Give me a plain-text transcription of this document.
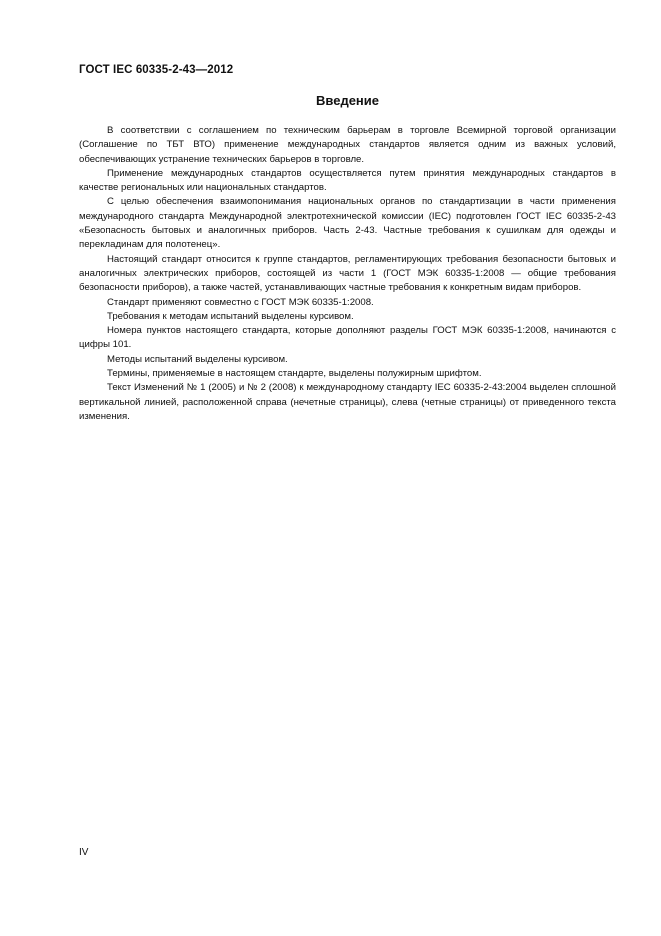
ГОСТ IEC 60335-2-43—2012
Введение

В соответствии с соглашением по техническим барьерам в торговле Всемирной торговой организации (Соглашение по ТБТ ВТО) применение международных стандартов является одним из важных условий, обеспечивающих устранение технических барьеров в торговле.

Применение международных стандартов осуществляется путем принятия международных стандартов в качестве региональных или национальных стандартов.

С целью обеспечения взаимопонимания национальных органов по стандартизации в части применения международного стандарта Международной электротехнической комиссии (IEC) подготовлен ГОСТ IEC 60335-2-43 «Безопасность бытовых и аналогичных приборов. Часть 2-43. Частные требования к сушилкам для одежды и перекладинам для полотенец».

Настоящий стандарт относится к группе стандартов, регламентирующих требования безопасности бытовых и аналогичных электрических приборов, состоящей из части 1 (ГОСТ МЭК 60335-1:2008 — общие требования безопасности приборов), а также частей, устанавливающих частные требования к конкретным видам приборов.

Стандарт применяют совместно с ГОСТ МЭК 60335-1:2008.

Требования к методам испытаний выделены курсивом.

Номера пунктов настоящего стандарта, которые дополняют разделы ГОСТ МЭК 60335-1:2008, начинаются с цифры 101.

Методы испытаний выделены курсивом.

Термины, применяемые в настоящем стандарте, выделены полужирным шрифтом.

Текст Изменений № 1 (2005) и № 2 (2008) к международному стандарту IEC 60335-2-43:2004 выделен сплошной вертикальной линией, расположенной справа (нечетные страницы), слева (четные страницы) от приведенного текста изменения.

IV
